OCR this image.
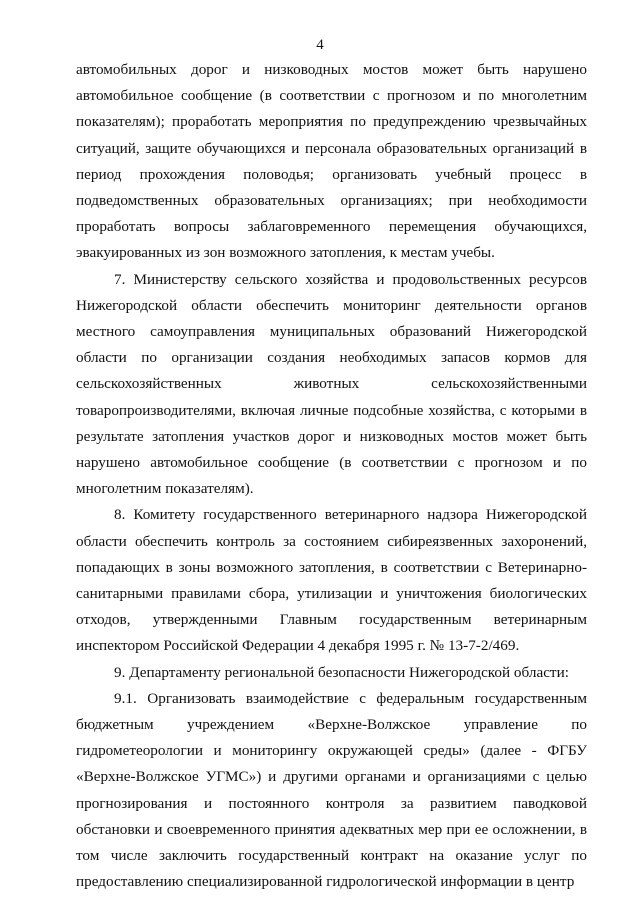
4

автомобильных дорог и низководных мостов может быть нарушено автомобильное сообщение (в соответствии с прогнозом и по многолетним показателям); проработать мероприятия по предупреждению чрезвычайных ситуаций, защите обучающихся и персонала образовательных организаций в период прохождения половодья; организовать учебный процесс в подведомственных образовательных организациях; при необходимости проработать вопросы заблаговременного перемещения обучающихся, эвакуированных из зон возможного затопления, к местам учебы.

7. Министерству сельского хозяйства и продовольственных ресурсов Нижегородской области обеспечить мониторинг деятельности органов местного самоуправления муниципальных образований Нижегородской области по организации создания необходимых запасов кормов для сельскохозяйственных животных сельскохозяйственными товаропроизводителями, включая личные подсобные хозяйства, с которыми в результате затопления участков дорог и низководных мостов может быть нарушено автомобильное сообщение (в соответствии с прогнозом и по многолетним показателям).

8. Комитету государственного ветеринарного надзора Нижегородской области обеспечить контроль за состоянием сибиреязвенных захоронений, попадающих в зоны возможного затопления, в соответствии с Ветеринарно-санитарными правилами сбора, утилизации и уничтожения биологических отходов, утвержденными Главным государственным ветеринарным инспектором Российской Федерации 4 декабря 1995 г. № 13-7-2/469.

9. Департаменту региональной безопасности Нижегородской области:

9.1. Организовать взаимодействие с федеральным государственным бюджетным учреждением «Верхне-Волжское управление по гидрометеорологии и мониторингу окружающей среды» (далее - ФГБУ «Верхне-Волжское УГМС») и другими органами и организациями с целью прогнозирования и постоянного контроля за развитием паводковой обстановки и своевременного принятия адекватных мер при ее осложнении, в том числе заключить государственный контракт на оказание услуг по предоставлению специализированной гидрологической информации в центр
